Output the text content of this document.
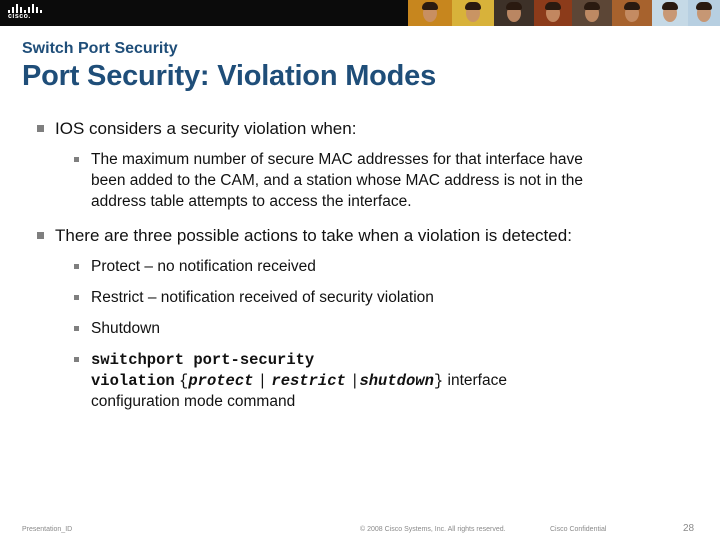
cisco.
Switch Port Security
Port Security: Violation Modes
IOS considers a security violation when:
The maximum number of secure MAC addresses for that interface have
been added to the CAM, and a station whose MAC address is not in the
address table attempts to access the interface.
There are three possible actions to take when a violation is detected:
Protect – no notification received
Restrict – notification received of security violation
Shutdown
switchport port-security
violation {protect | restrict |shutdown} interface
configuration mode command
Presentation_ID	© 2008 Cisco Systems, Inc. All rights reserved.	Cisco Confidential	28
